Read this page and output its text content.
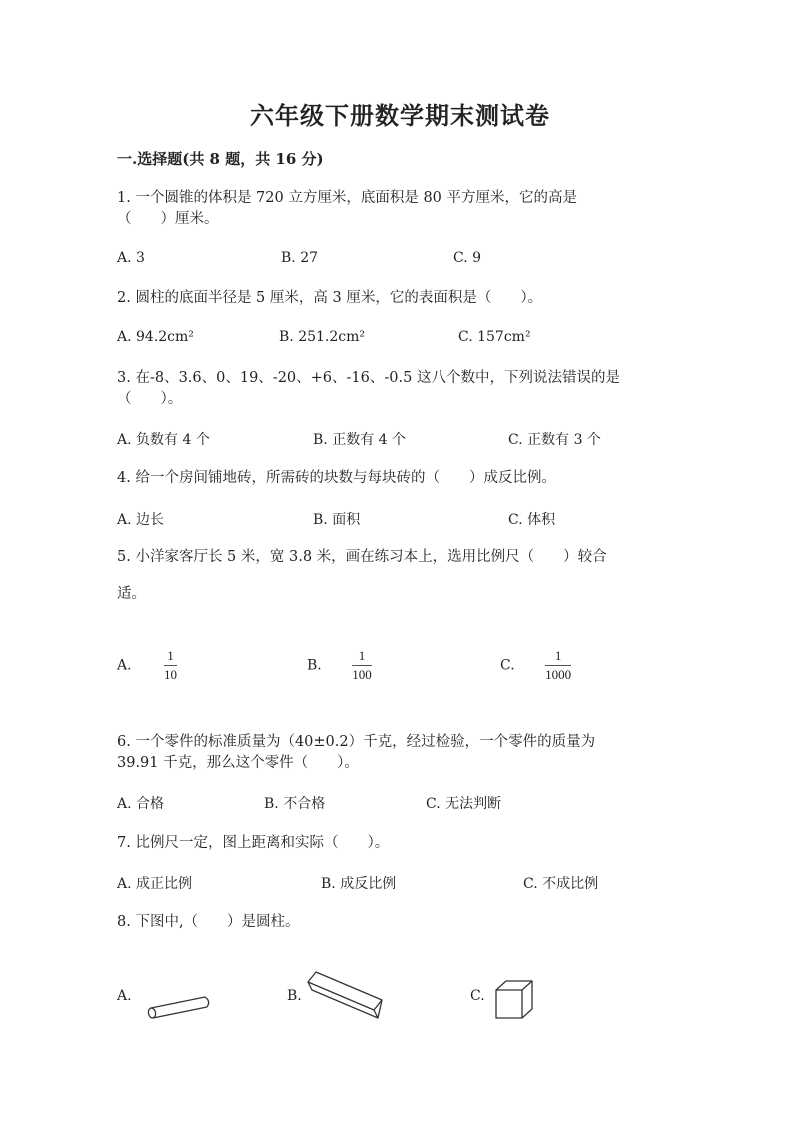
六年级下册数学期末测试卷
一.选择题(共 8 题，共 16 分)
1. 一个圆锥的体积是 720 立方厘米，底面积是 80 平方厘米，它的高是
（　　）厘米。
A. 3	B. 27	C. 9
2. 圆柱的底面半径是 5 厘米，高 3 厘米，它的表面积是（　　）。
A. 94.2cm²	B. 251.2cm²	C. 157cm²
3. 在-8、3.6、0、19、-20、+6、-16、-0.5 这八个数中，下列说法错误的是
（　　）。
A. 负数有 4 个	B. 正数有 4 个	C. 正数有 3 个
4. 给一个房间铺地砖，所需砖的块数与每块砖的（　　）成反比例。
A. 边长	B. 面积	C. 体积
5. 小洋家客厅长 5 米，宽 3.8 米，画在练习本上，选用比例尺（　　）较合
适。
A. $\frac{1}{10}$	B. $\frac{1}{100}$	C. $\frac{1}{1000}$
6. 一个零件的标准质量为（40±0.2）千克，经过检验，一个零件的质量为
39.91 千克，那么这个零件（　　）。
A. 合格	B. 不合格	C. 无法判断
7. 比例尺一定，图上距离和实际（　　）。
A. 成正比例	B. 成反比例	C. 不成比例
8. 下图中,（　　）是圆柱。
A.	B.	C.
